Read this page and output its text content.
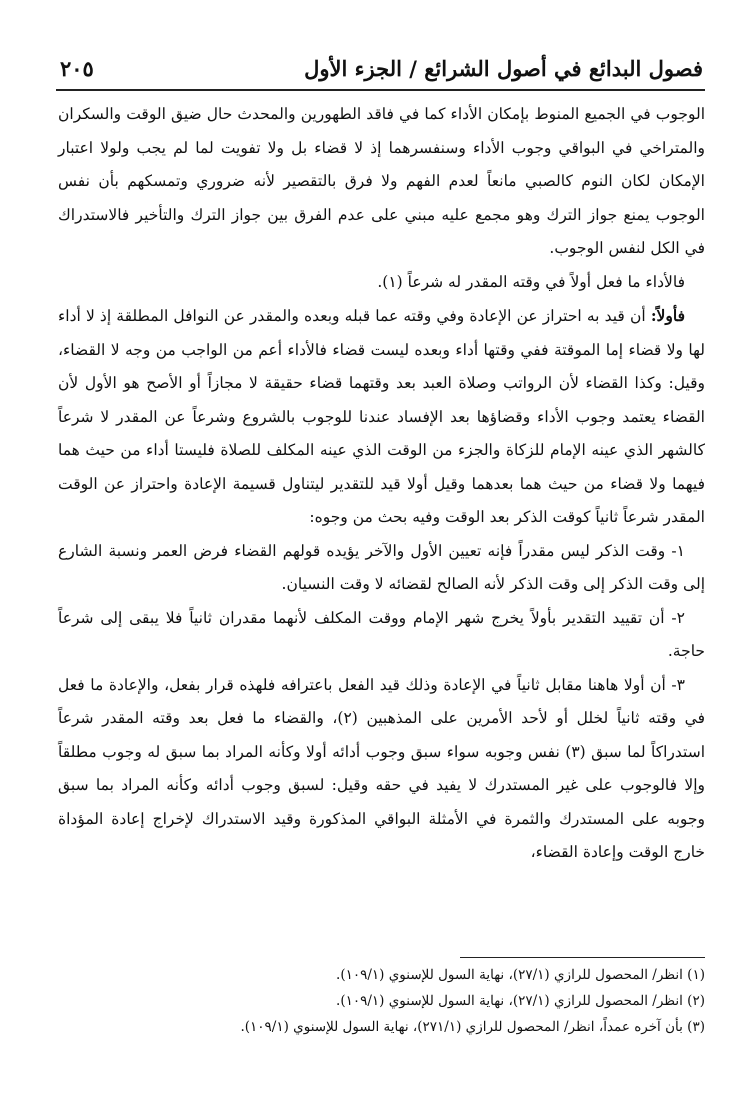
فصول البدائع في أصول الشرائع / الجزء الأول
٢٠٥

الوجوب في الجميع المنوط بإمكان الأداء كما في فاقد الطهورين والمحدث حال ضيق الوقت والسكران والمتراخي في البواقي وجوب الأداء وسنفسرهما إذ لا قضاء بل ولا تفويت لما لم يجب ولولا اعتبار الإمكان لكان النوم كالصبي مانعاً لعدم الفهم ولا فرق بالتقصير لأنه ضروري وتمسكهم بأن نفس الوجوب يمنع جواز الترك وهو مجمع عليه مبني على عدم الفرق بين جواز الترك والتأخير فالاستدراك في الكل لنفس الوجوب.

فالأداء ما فعل أولاً في وقته المقدر له شرعاً (١).

فأولاً: أن قيد به احتراز عن الإعادة وفي وقته عما قبله وبعده والمقدر عن النوافل المطلقة إذ لا أداء لها ولا قضاء إما الموقتة ففي وقتها أداء وبعده ليست قضاء فالأداء أعم من الواجب من وجه لا القضاء، وقيل: وكذا القضاء لأن الرواتب وصلاة العبد بعد وقتهما قضاء حقيقة لا مجازاً أو الأصح هو الأول لأن القضاء يعتمد وجوب الأداء وقضاؤها بعد الإفساد عندنا للوجوب بالشروع وشرعاً عن المقدر لا شرعاً كالشهر الذي عينه الإمام للزكاة والجزء من الوقت الذي عينه المكلف للصلاة فليستا أداء من حيث هما فيهما ولا قضاء من حيث هما بعدهما وقيل أولا قيد للتقدير ليتناول قسيمة الإعادة واحتراز عن الوقت المقدر شرعاً ثانياً كوقت الذكر بعد الوقت وفيه بحث من وجوه:

١- وقت الذكر ليس مقدراً فإنه تعيين الأول والآخر يؤيده قولهم القضاء فرض العمر ونسبة الشارع إلى وقت الذكر إلى وقت الذكر لأنه الصالح لقضائه لا وقت النسيان.

٢- أن تقييد التقدير بأولاً يخرج شهر الإمام ووقت المكلف لأنهما مقدران ثانياً فلا يبقى إلى شرعاً حاجة.

٣- أن أولا هاهنا مقابل ثانياً في الإعادة وذلك قيد الفعل باعترافه فلهذه قرار بفعل، والإعادة ما فعل في وقته ثانياً لخلل أو لأحد الأمرين على المذهبين (٢)، والقضاء ما فعل بعد وقته المقدر شرعاً استدراكاً لما سبق (٣) نفس وجوبه سواء سبق وجوب أدائه أولا وكأنه المراد بما سبق له وجوب مطلقاً وإلا فالوجوب على غير المستدرك لا يفيد في حقه وقيل: لسبق وجوب أدائه وكأنه المراد بما سبق وجوبه على المستدرك والثمرة في الأمثلة البواقي المذكورة وقيد الاستدراك لإخراج إعادة المؤداة خارج الوقت وإعادة القضاء،

(١) انظر/ المحصول للرازي (٢٧/١)، نهاية السول للإسنوي (١٠٩/١).
(٢) انظر/ المحصول للرازي (٢٧/١)، نهاية السول للإسنوي (١٠٩/١).
(٣) بأن آخره عمداً، انظر/ المحصول للرازي (٢٧١/١)، نهاية السول للإسنوي (١٠٩/١).
